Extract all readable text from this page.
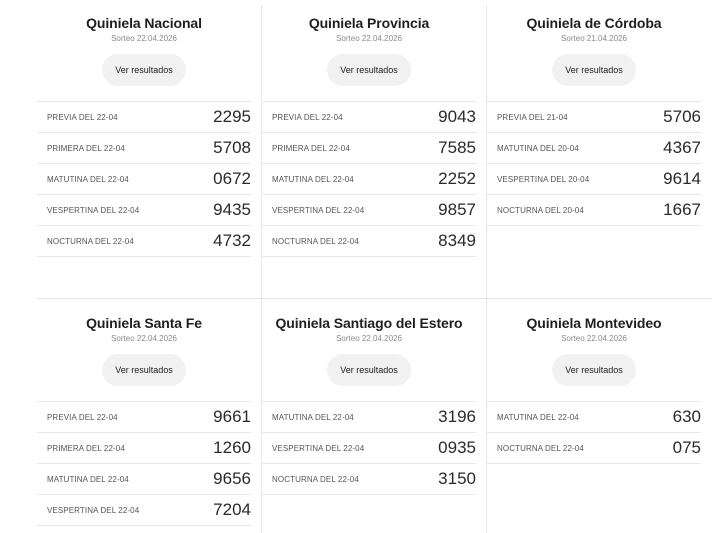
Quiniela Nacional
Sorteo 22.04.2026
Ver resultados
PREVIA DEL 22-04	2295
PRIMERA DEL 22-04	5708
MATUTINA DEL 22-04	0672
VESPERTINA DEL 22-04	9435
NOCTURNA DEL 22-04	4732
Quiniela Provincia
Sorteo 22.04.2026
Ver resultados
PREVIA DEL 22-04	9043
PRIMERA DEL 22-04	7585
MATUTINA DEL 22-04	2252
VESPERTINA DEL 22-04	9857
NOCTURNA DEL 22-04	8349
Quiniela de Córdoba
Sorteo 21.04.2026
Ver resultados
PREVIA DEL 21-04	5706
MATUTINA DEL 20-04	4367
VESPERTINA DEL 20-04	9614
NOCTURNA DEL 20-04	1667
Quiniela Santa Fe
Sorteo 22.04.2026
Ver resultados
PREVIA DEL 22-04	9661
PRIMERA DEL 22-04	1260
MATUTINA DEL 22-04	9656
VESPERTINA DEL 22-04	7204
Quiniela Santiago del Estero
Sorteo 22.04.2026
Ver resultados
MATUTINA DEL 22-04	3196
VESPERTINA DEL 22-04	0935
NOCTURNA DEL 22-04	3150
Quiniela Montevideo
Sorteo 22.04.2026
Ver resultados
MATUTINA DEL 22-04	630
NOCTURNA DEL 22-04	075
